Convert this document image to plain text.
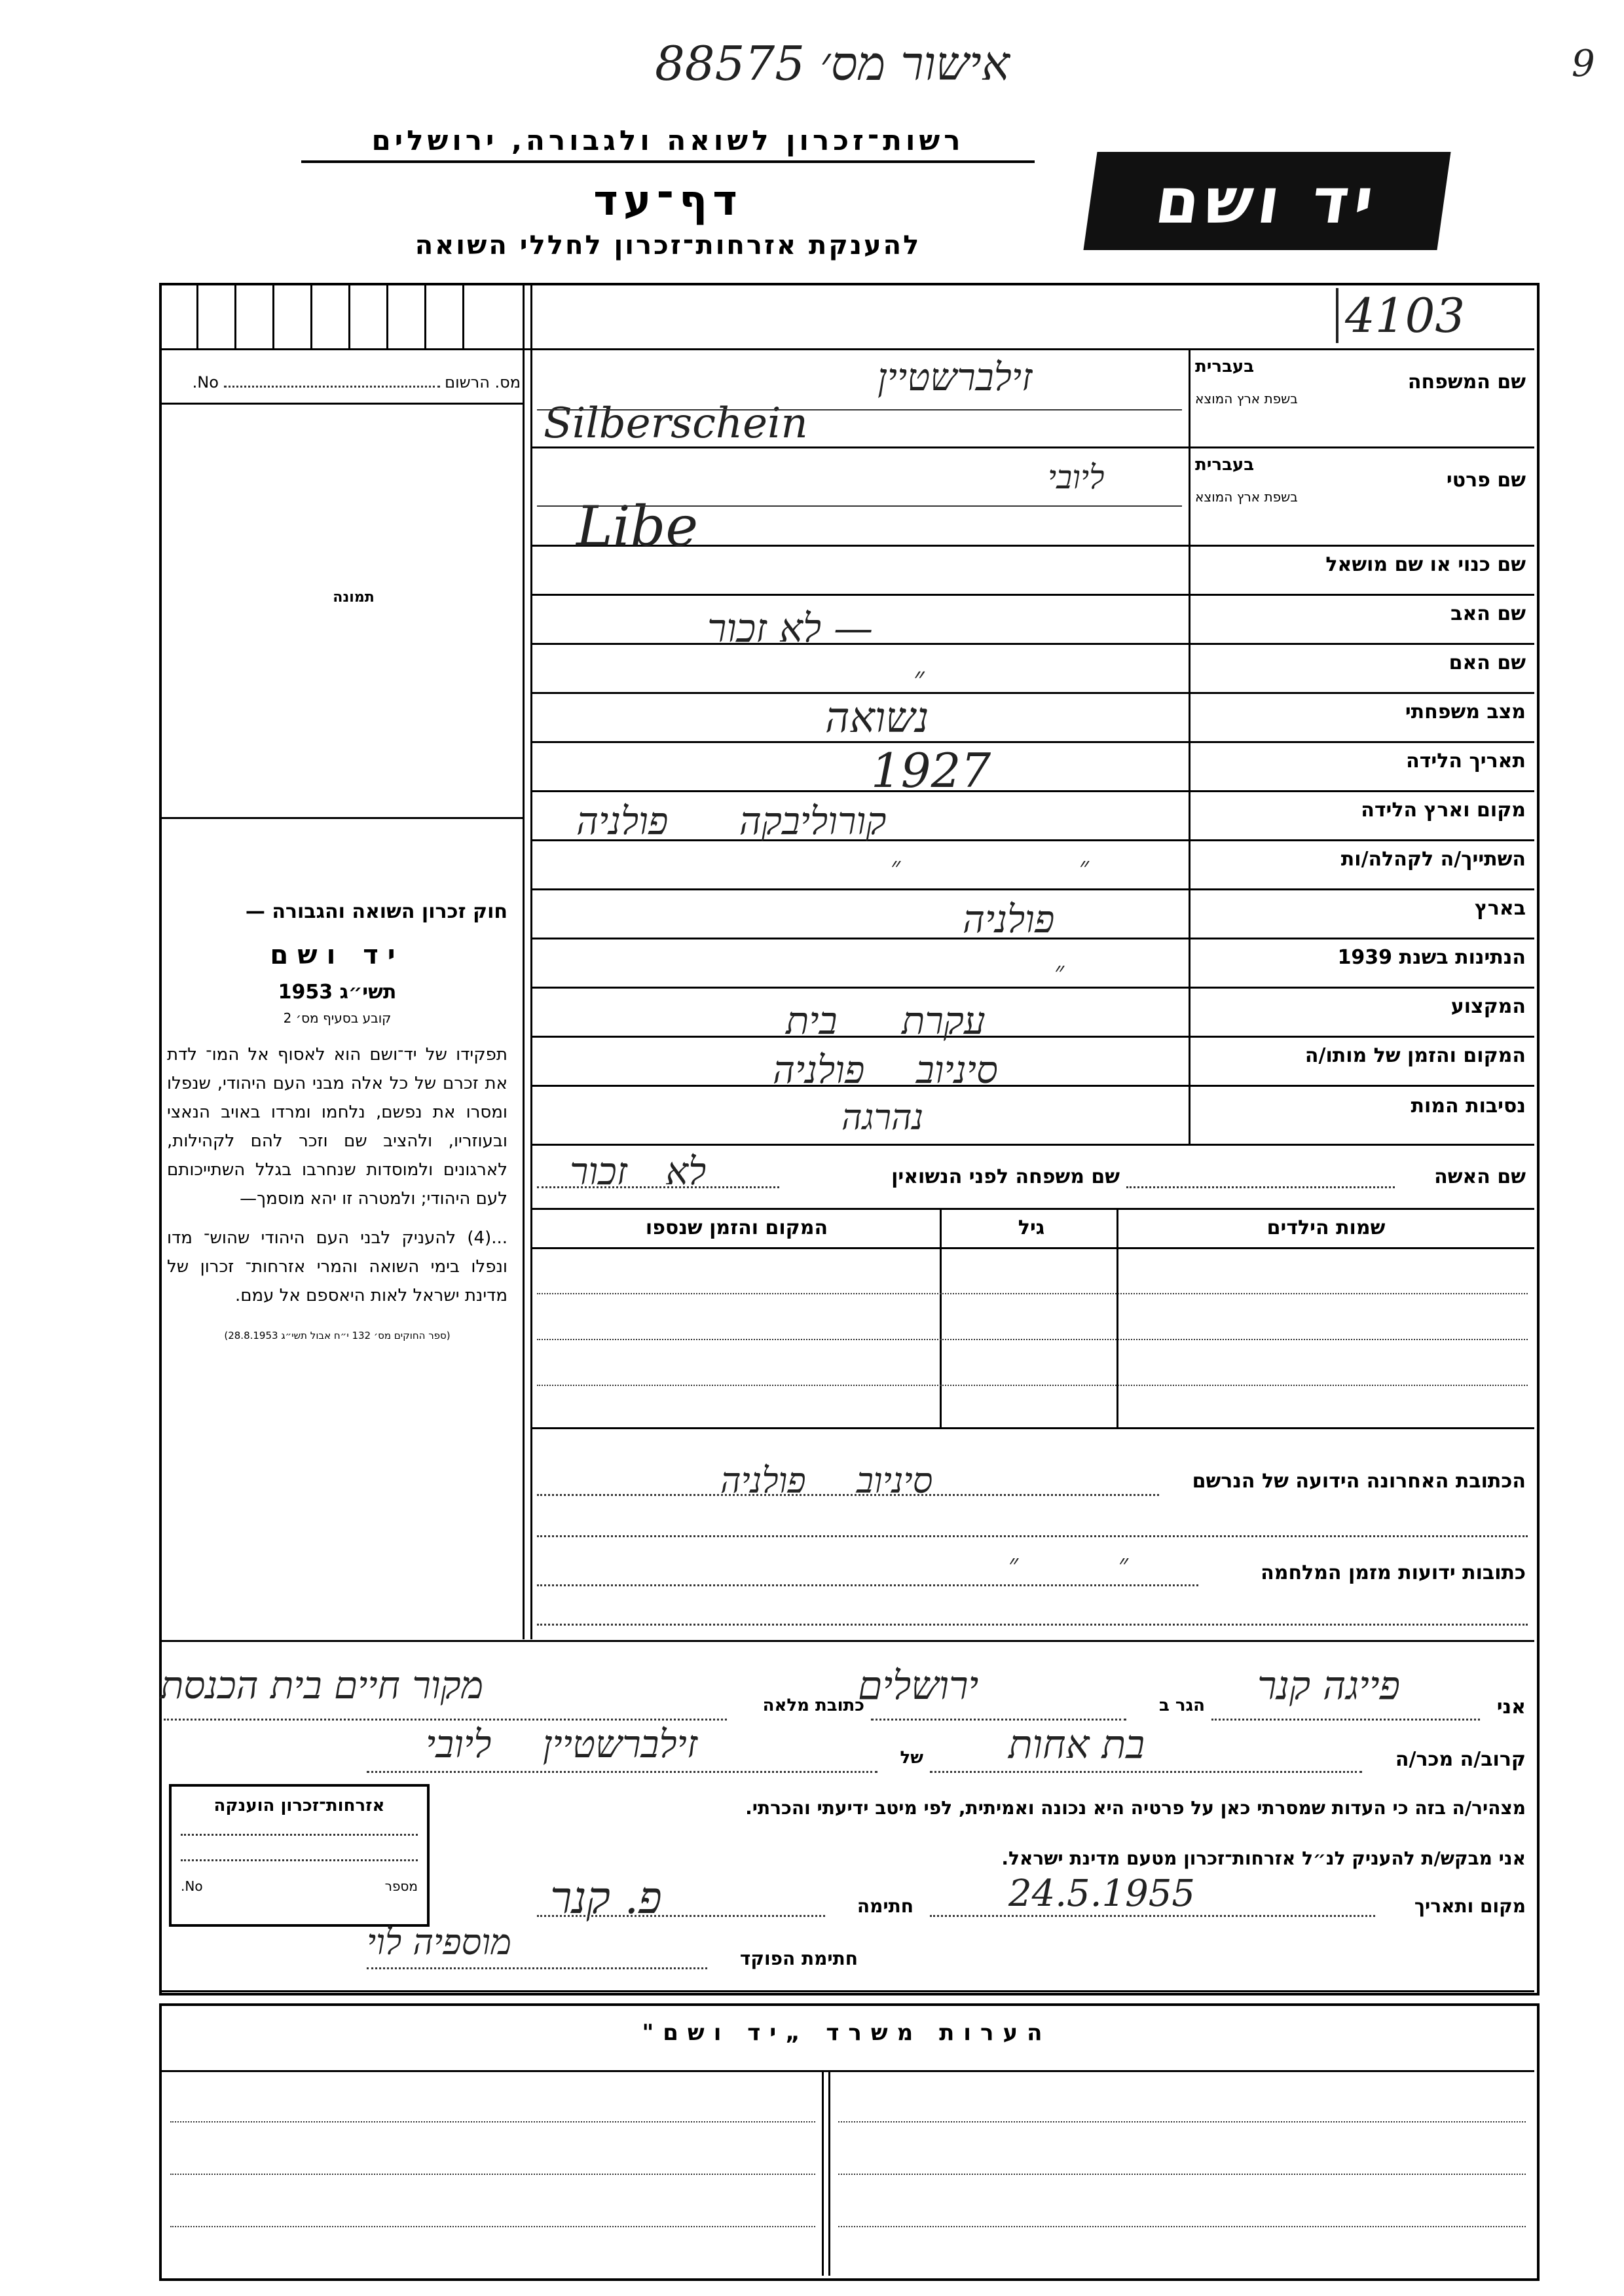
אישור מס׳ 88575	9
רשות־זכרון לשואה ולגבורה, ירושלים
דף־עד
להענקת אזרחות־זכרון לחללי השואה
יד ושם
4103
מס. הרשום  No.
תמונה
חוק זכרון השואה והגבורה —
יד ושם
תשי״ג 1953
קובע בסעיף מס׳ 2
תפקידו של יד־ושם הוא לאסוף אל המו־ לדת את זכרם של כל אלה מבני העם היהודי, שנפלו ומסרו את נפשם, נלחמו ומרדו באויב הנאצי ובעוזריו, ולהציב שם וזכר להם לקהילות, לארגונים ולמוסדות שנחרבו בגלל השתייכותם לעם היהודי; ולמטרה זו יהא מוסמך—
...(4) להעניק לבני העם היהודי שהוש־ מדו ונפלו בימי השואה והמרי אזרחות־ זכרון של מדינת ישראל לאות היאספם אל עמם.
(ספר החוקים מס׳ 132 י״ח אבול תשי״ג 28.8.1953)
שם המשפחה
בעברית
בשפת ארץ המוצא
זילברשטיין
Silberschein
שם פרטי
בעברית
בשפת ארץ המוצא
ליובי
Libe
שם כנוי או שם מושאל
שם האב
שם האם
מצב משפחתי
תאריך הלידה
מקום וארץ הלידה
השתייך/ה לקהלה/ות
בארץ
הנתינות בשנת 1939
המקצוע
המקום והזמן של מותו/ה
נסיבות המות
— לא זכור
״
נשואה
1927
קורוליבקה פולניה
״ ״
פולניה
״
עקרת בית
סיניוב פולניה
נהרגה
שם האשה
שם משפחה לפני הנשואין
לא זכור
שמות הילדים
גיל
המקום והזמן שנספו
הכתובת האחרונה הידועה של הנרשם
סיניוב פולניה
כתובות ידועות מזמן המלחמה
״ ״
אני
פייגה קנר
הגר ב
ירושלים
כתובת מלאה
מקור חיים בית הכנסת
קרוב/ה מכר/ה
בת אחות
של
זילברשטיין ליובי
אזרחות־זכרון הוענקה
מספר
No.
מצהיר/ה בזה כי העדות שמסרתי כאן על פרטיה היא נכונה ואמיתית, לפי מיטב ידיעתי והכרתי.
אני מבקש/ת להעניק לנ״ל אזרחות־זכרון מטעם מדינת ישראל.
מקום ותאריך
24.5.1955
חתימה
פ. קנר
חתימת הפוקד
מוספיה לוי
הערות משרד „יד ושם"
